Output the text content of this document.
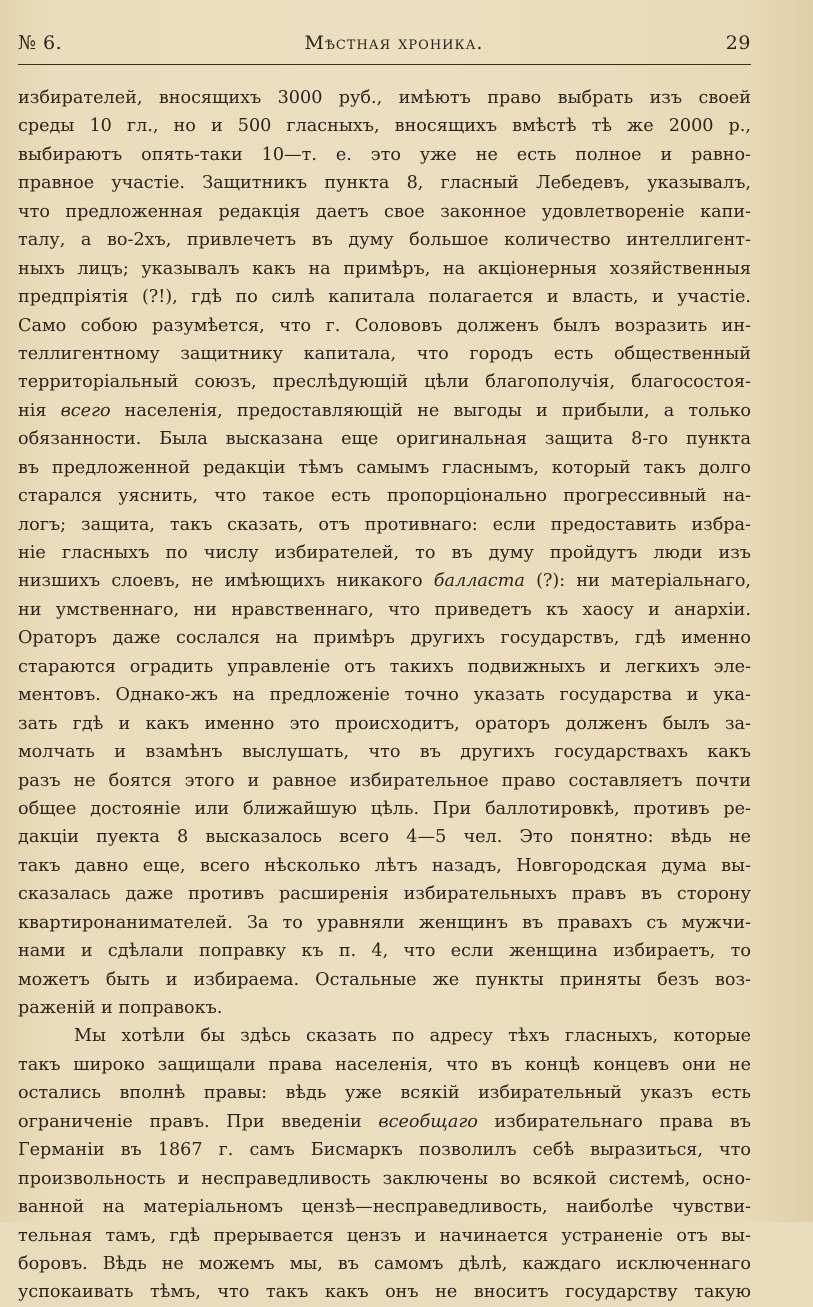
№ 6.	Мѣстная хроника.	29
избирателей, вносящихъ 3000 руб., имѣютъ право выбрать изъ своей
среды 10 гл., но и 500 гласныхъ, вносящихъ вмѣстѣ тѣ же 2000 р.,
выбираютъ опять-таки 10—т. е. это уже не есть полное и равно-
правное участіе. Защитникъ пункта 8, гласный Лебедевъ, указывалъ,
что предложенная редакція даетъ свое законное удовлетвореніе капи-
талу, а во-2хъ, привлечетъ въ думу большое количество интеллигент-
ныхъ лицъ; указывалъ какъ на примѣръ, на акціонерныя хозяйственныя
предпріятія (?!), гдѣ по силѣ капитала полагается и власть, и участіе.
Само собою разумѣется, что г. Солововъ долженъ былъ возразить ин-
теллигентному защитнику капитала, что городъ есть общественный
территоріальный союзъ, преслѣдующій цѣли благополучія, благосостоя-
нія всего населенія, предоставляющій не выгоды и прибыли, а только
обязанности. Была высказана еще оригинальная защита 8-го пункта
въ предложенной редакціи тѣмъ самымъ гласнымъ, который такъ долго
старался уяснить, что такое есть пропорціонально прогрессивный на-
логъ; защита, такъ сказать, отъ противнаго: если предоставить избра-
ніе гласныхъ по числу избирателей, то въ думу пройдутъ люди изъ
низшихъ слоевъ, не имѣющихъ никакого балласта (?): ни матеріальнаго,
ни умственнаго, ни нравственнаго, что приведетъ къ хаосу и анархіи.
Ораторъ даже сослался на примѣръ другихъ государствъ, гдѣ именно
стараются оградить управленіе отъ такихъ подвижныхъ и легкихъ эле-
ментовъ. Однако-жъ на предложеніе точно указать государства и ука-
зать гдѣ и какъ именно это происходитъ, ораторъ долженъ былъ за-
молчать и взамѣнъ выслушать, что въ другихъ государствахъ какъ
разъ не боятся этого и равное избирательное право составляетъ почти
общее достояніе или ближайшую цѣль. При баллотировкѣ, противъ ре-
дакціи пуекта 8 высказалось всего 4—5 чел. Это понятно: вѣдь не
такъ давно еще, всего нѣсколько лѣтъ назадъ, Новгородская дума вы-
сказалась даже противъ расширенія избирательныхъ правъ въ сторону
квартиронанимателей. За то уравняли женщинъ въ правахъ съ мужчи-
нами и сдѣлали поправку къ п. 4, что если женщина избираетъ, то
можетъ быть и избираема. Остальные же пункты приняты безъ воз-
раженій и поправокъ.
Мы хотѣли бы здѣсь сказать по адресу тѣхъ гласныхъ, которые
такъ широко защищали права населенія, что въ концѣ концевъ они не
остались вполнѣ правы: вѣдь уже всякій избирательный указъ есть
ограниченіе правъ. При введеніи всеобщаго избирательнаго права въ
Германіи въ 1867 г. самъ Бисмаркъ позволилъ себѣ выразиться, что
произвольность и несправедливость заключены во всякой системѣ, осно-
ванной на матеріальномъ цензѣ—несправедливость, наиболѣе чувстви-
тельная тамъ, гдѣ прерывается цензъ и начинается устраненіе отъ вы-
боровъ. Вѣдь не можемъ мы, въ самомъ дѣлѣ, каждаго исключеннаго
успокаивать тѣмъ, что такъ какъ онъ не вноситъ государству такую
